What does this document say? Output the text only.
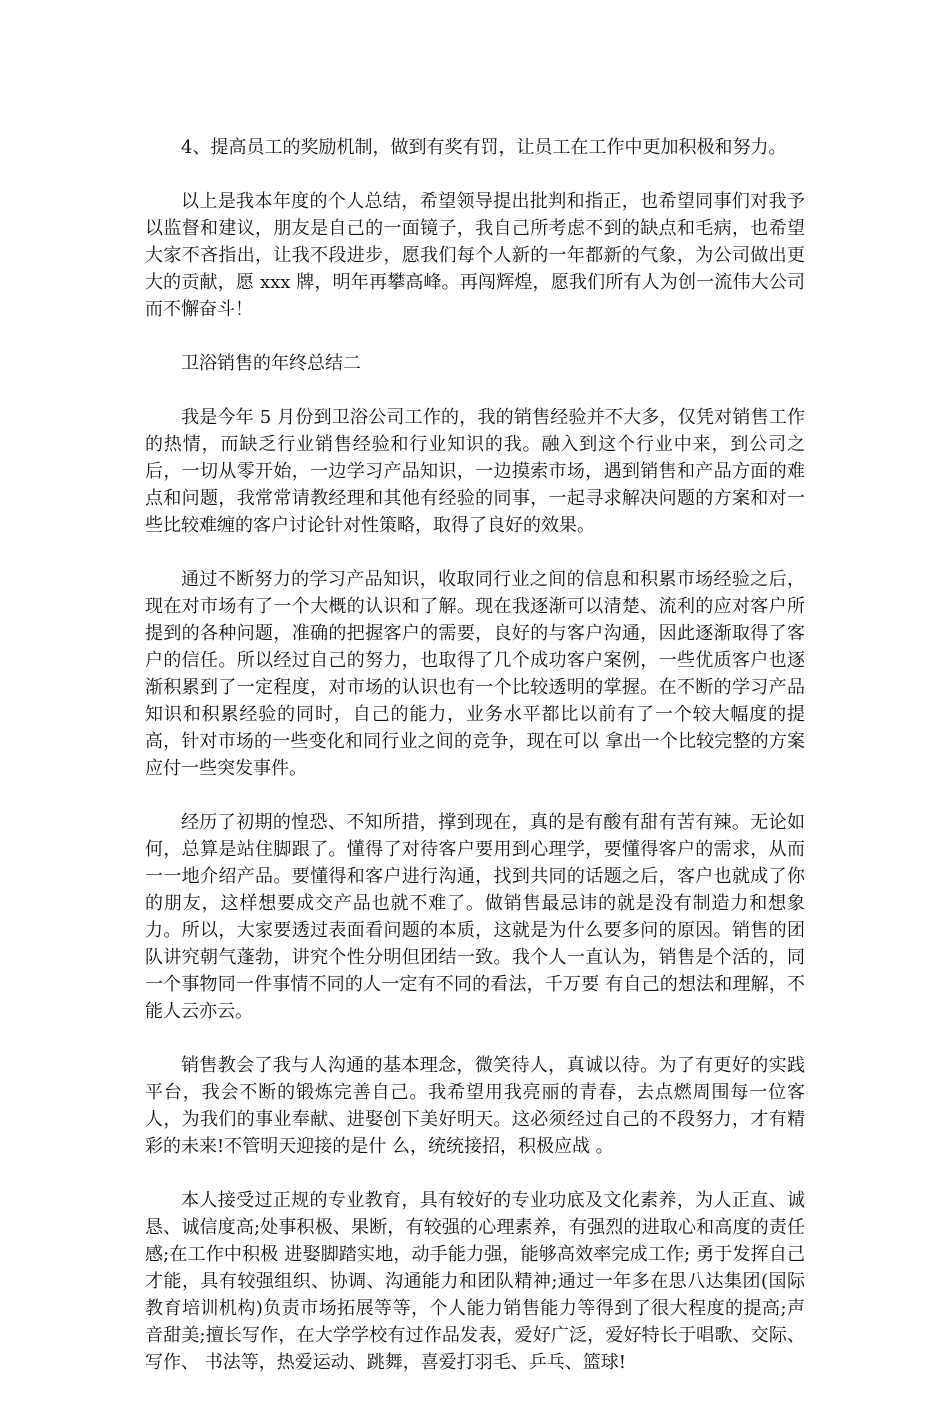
4、提高员工的奖励机制，做到有奖有罚，让员工在工作中更加积极和努力。

以上是我本年度的个人总结，希望领导提出批判和指正，也希望同事们对我予以监督和建议，朋友是自己的一面镜子，我自己所考虑不到的缺点和毛病，也希望大家不吝指出，让我不段进步，愿我们每个人新的一年都新的气象，为公司做出更大的贡献，愿 xxx 牌，明年再攀高峰。再闯辉煌，愿我们所有人为创一流伟大公司而不懈奋斗！

卫浴销售的年终总结二

我是今年 5 月份到卫浴公司工作的，我的销售经验并不大多，仅凭对销售工作的热情，而缺乏行业销售经验和行业知识的我。融入到这个行业中来，到公司之后，一切从零开始，一边学习产品知识，一边摸索市场，遇到销售和产品方面的难点和问题，我常常请教经理和其他有经验的同事，一起寻求解决问题的方案和对一些比较难缠的客户讨论针对性策略，取得了良好的效果。

通过不断努力的学习产品知识，收取同行业之间的信息和积累市场经验之后，现在对市场有了一个大概的认识和了解。现在我逐渐可以清楚、流利的应对客户所提到的各种问题，准确的把握客户的需要，良好的与客户沟通，因此逐渐取得了客户的信任。所以经过自己的努力，也取得了几个成功客户案例，一些优质客户也逐渐积累到了一定程度，对市场的认识也有一个比较透明的掌握。在不断的学习产品知识和积累经验的同时，自己的能力，业务水平都比以前有了一个较大幅度的提高，针对市场的一些变化和同行业之间的竞争，现在可以 拿出一个比较完整的方案应付一些突发事件。

经历了初期的惶恐、不知所措，撑到现在，真的是有酸有甜有苦有辣。无论如何，总算是站住脚跟了。懂得了对待客户要用到心理学，要懂得客户的需求，从而一一地介绍产品。要懂得和客户进行沟通，找到共同的话题之后，客户也就成了你的朋友，这样想要成交产品也就不难了。做销售最忌讳的就是没有制造力和想象力。所以，大家要透过表面看问题的本质，这就是为什么要多问的原因。销售的团队讲究朝气蓬勃，讲究个性分明但团结一致。我个人一直认为，销售是个活的，同一个事物同一件事情不同的人一定有不同的看法，千万要 有自己的想法和理解，不能人云亦云。

销售教会了我与人沟通的基本理念，微笑待人，真诚以待。为了有更好的实践平台，我会不断的锻炼完善自己。我希望用我亮丽的青春，去点燃周围每一位客人，为我们的事业奉献、进娶创下美好明天。这必须经过自己的不段努力，才有精彩的未来!不管明天迎接的是什 么，统统接招，积极应战 。

本人接受过正规的专业教育，具有较好的专业功底及文化素养，为人正直、诚恳、诚信度高;处事积极、果断，有较强的心理素养，有强烈的进取心和高度的责任感;在工作中积极 进娶脚踏实地，动手能力强，能够高效率完成工作; 勇于发挥自己才能，具有较强组织、协调、沟通能力和团队精神;通过一年多在思八达集团(国际教育培训机构)负责市场拓展等等，个人能力销售能力等得到了很大程度的提高;声音甜美;擅长写作，在大学学校有过作品发表，爱好广泛，爱好特长于唱歌、交际、写作、 书法等，热爱运动、跳舞，喜爱打羽毛、乒乓、篮球!
